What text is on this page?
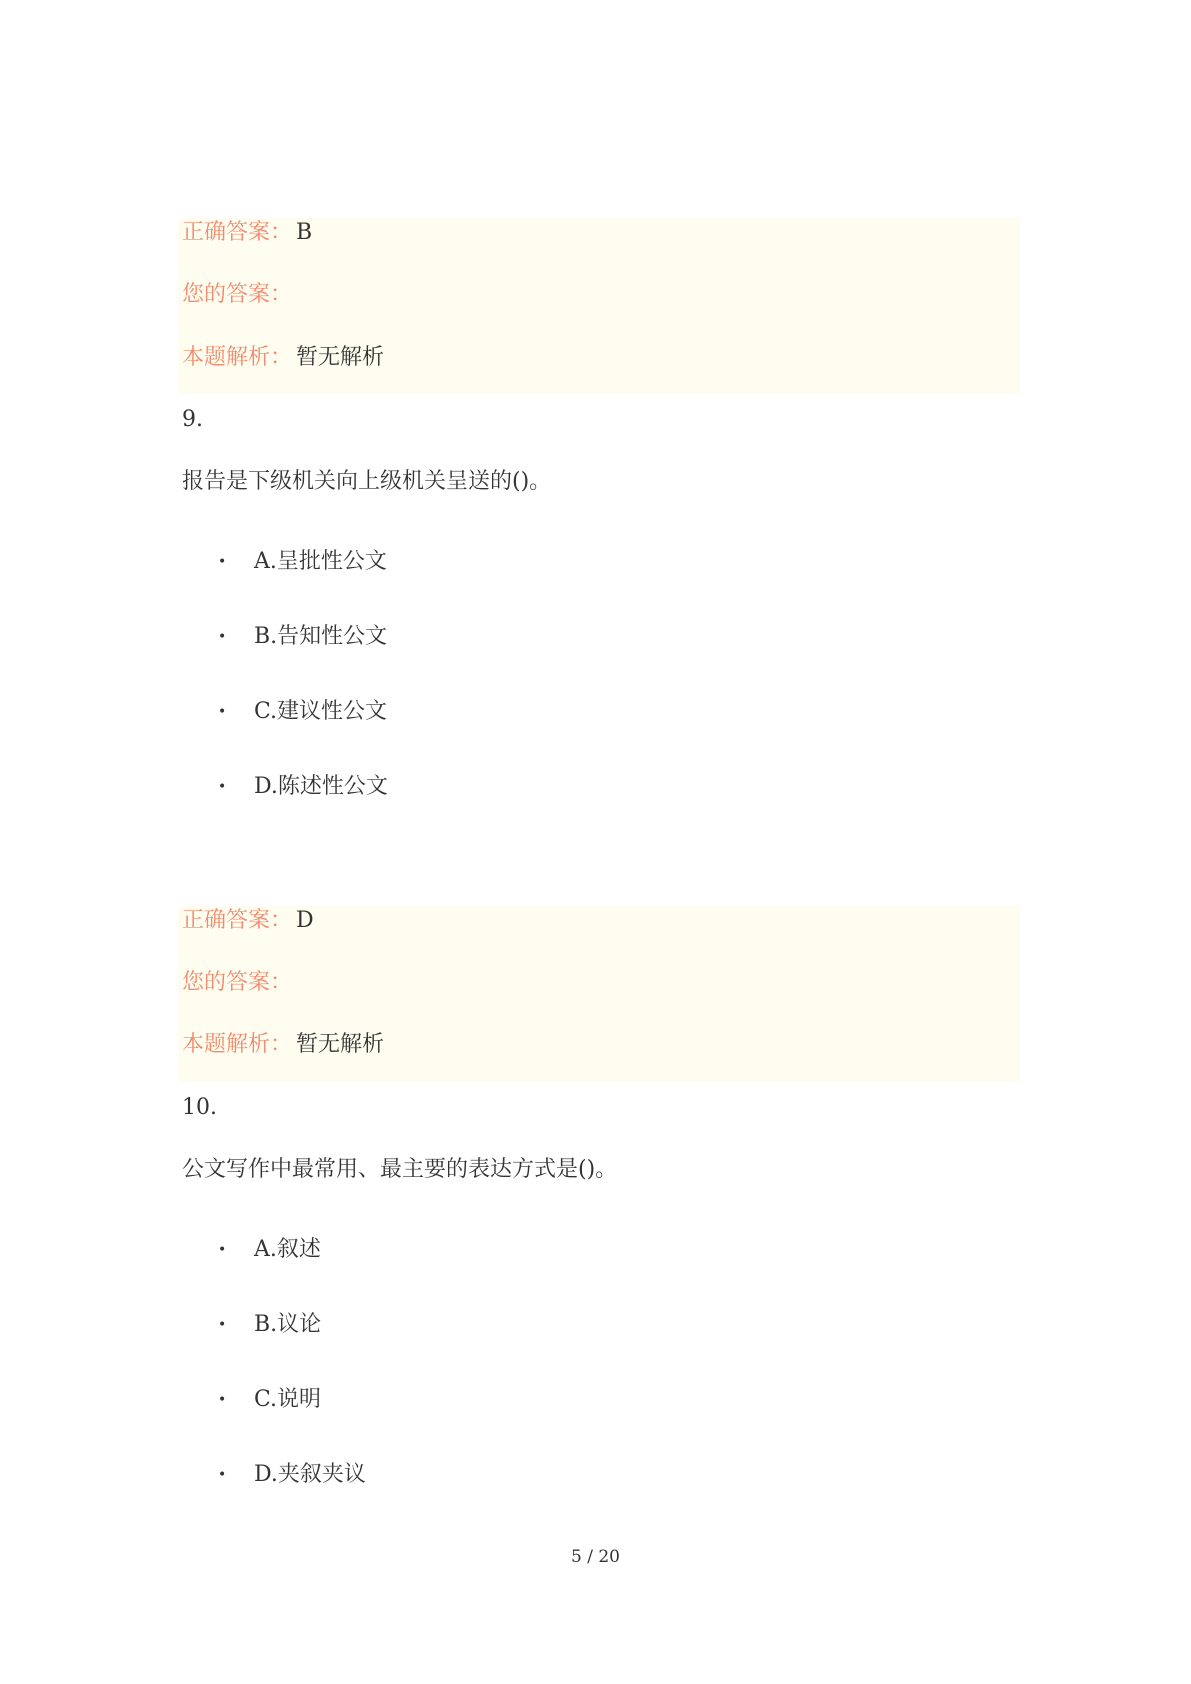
正确答案： B
您的答案：
本题解析： 暂无解析
9.
报告是下级机关向上级机关呈送的()。
• A.呈批性公文
• B.告知性公文
• C.建议性公文
• D.陈述性公文
正确答案： D
您的答案：
本题解析： 暂无解析
10.
公文写作中最常用、最主要的表达方式是()。
• A.叙述
• B.议论
• C.说明
• D.夹叙夹议
5 / 20
